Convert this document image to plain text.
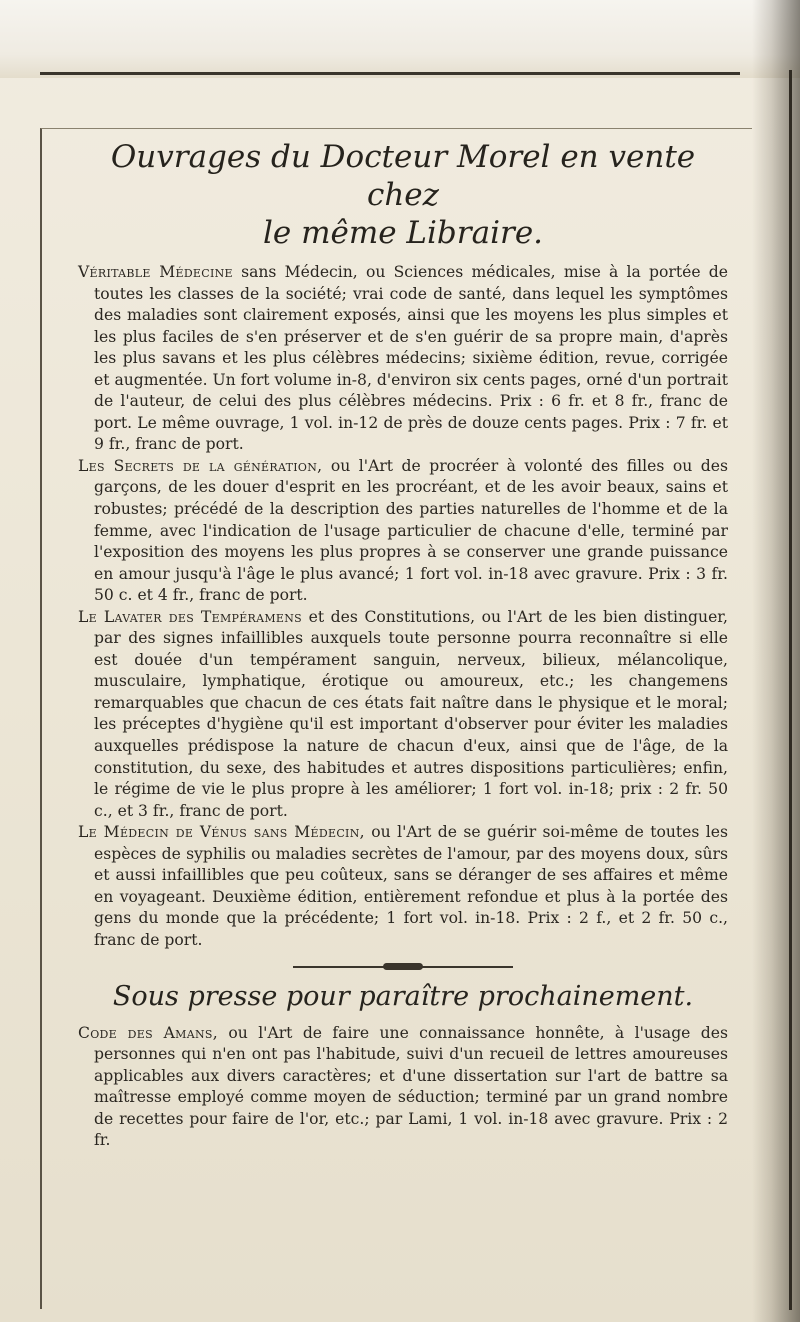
Ouvrages du Docteur Morel en vente chez
le même Libraire.

Véritable Médecine sans Médecin, ou Sciences médicales, mise à la portée de toutes les classes de la société; vrai code de santé, dans lequel les symptômes des maladies sont clairement exposés, ainsi que les moyens les plus simples et les plus faciles de s'en préserver et de s'en guérir de sa propre main, d'après les plus savans et les plus célèbres médecins; sixième édition, revue, corrigée et augmentée. Un fort volume in-8, d'environ six cents pages, orné d'un portrait de l'auteur, de celui des plus célèbres médecins. Prix : 6 fr. et 8 fr., franc de port. Le même ouvrage, 1 vol. in-12 de près de douze cents pages. Prix : 7 fr. et 9 fr., franc de port.

Les Secrets de la génération, ou l'Art de procréer à volonté des filles ou des garçons, de les douer d'esprit en les procréant, et de les avoir beaux, sains et robustes; précédé de la description des parties naturelles de l'homme et de la femme, avec l'indication de l'usage particulier de chacune d'elle, terminé par l'exposition des moyens les plus propres à se conserver une grande puissance en amour jusqu'à l'âge le plus avancé; 1 fort vol. in-18 avec gravure. Prix : 3 fr. 50 c. et 4 fr., franc de port.

Le Lavater des Tempéramens et des Constitutions, ou l'Art de les bien distinguer, par des signes infaillibles auxquels toute personne pourra reconnaître si elle est douée d'un tempérament sanguin, nerveux, bilieux, mélancolique, musculaire, lymphatique, érotique ou amoureux, etc.; les changemens remarquables que chacun de ces états fait naître dans le physique et le moral; les préceptes d'hygiène qu'il est important d'observer pour éviter les maladies auxquelles prédispose la nature de chacun d'eux, ainsi que de l'âge, de la constitution, du sexe, des habitudes et autres dispositions particulières; enfin, le régime de vie le plus propre à les améliorer; 1 fort vol. in-18; prix : 2 fr. 50 c., et 3 fr., franc de port.

Le Médecin de Vénus sans Médecin, ou l'Art de se guérir soi-même de toutes les espèces de syphilis ou maladies secrètes de l'amour, par des moyens doux, sûrs et aussi infaillibles que peu coûteux, sans se déranger de ses affaires et même en voyageant. Deuxième édition, entièrement refondue et plus à la portée des gens du monde que la précédente; 1 fort vol. in-18. Prix : 2 f., et 2 fr. 50 c., franc de port.

Sous presse pour paraître prochainement.

Code des Amans, ou l'Art de faire une connaissance honnête, à l'usage des personnes qui n'en ont pas l'habitude, suivi d'un recueil de lettres amoureuses applicables aux divers caractères; et d'une dissertation sur l'art de battre sa maîtresse employé comme moyen de séduction; terminé par un grand nombre de recettes pour faire de l'or, etc.; par Lami, 1 vol. in-18 avec gravure. Prix : 2 fr.
